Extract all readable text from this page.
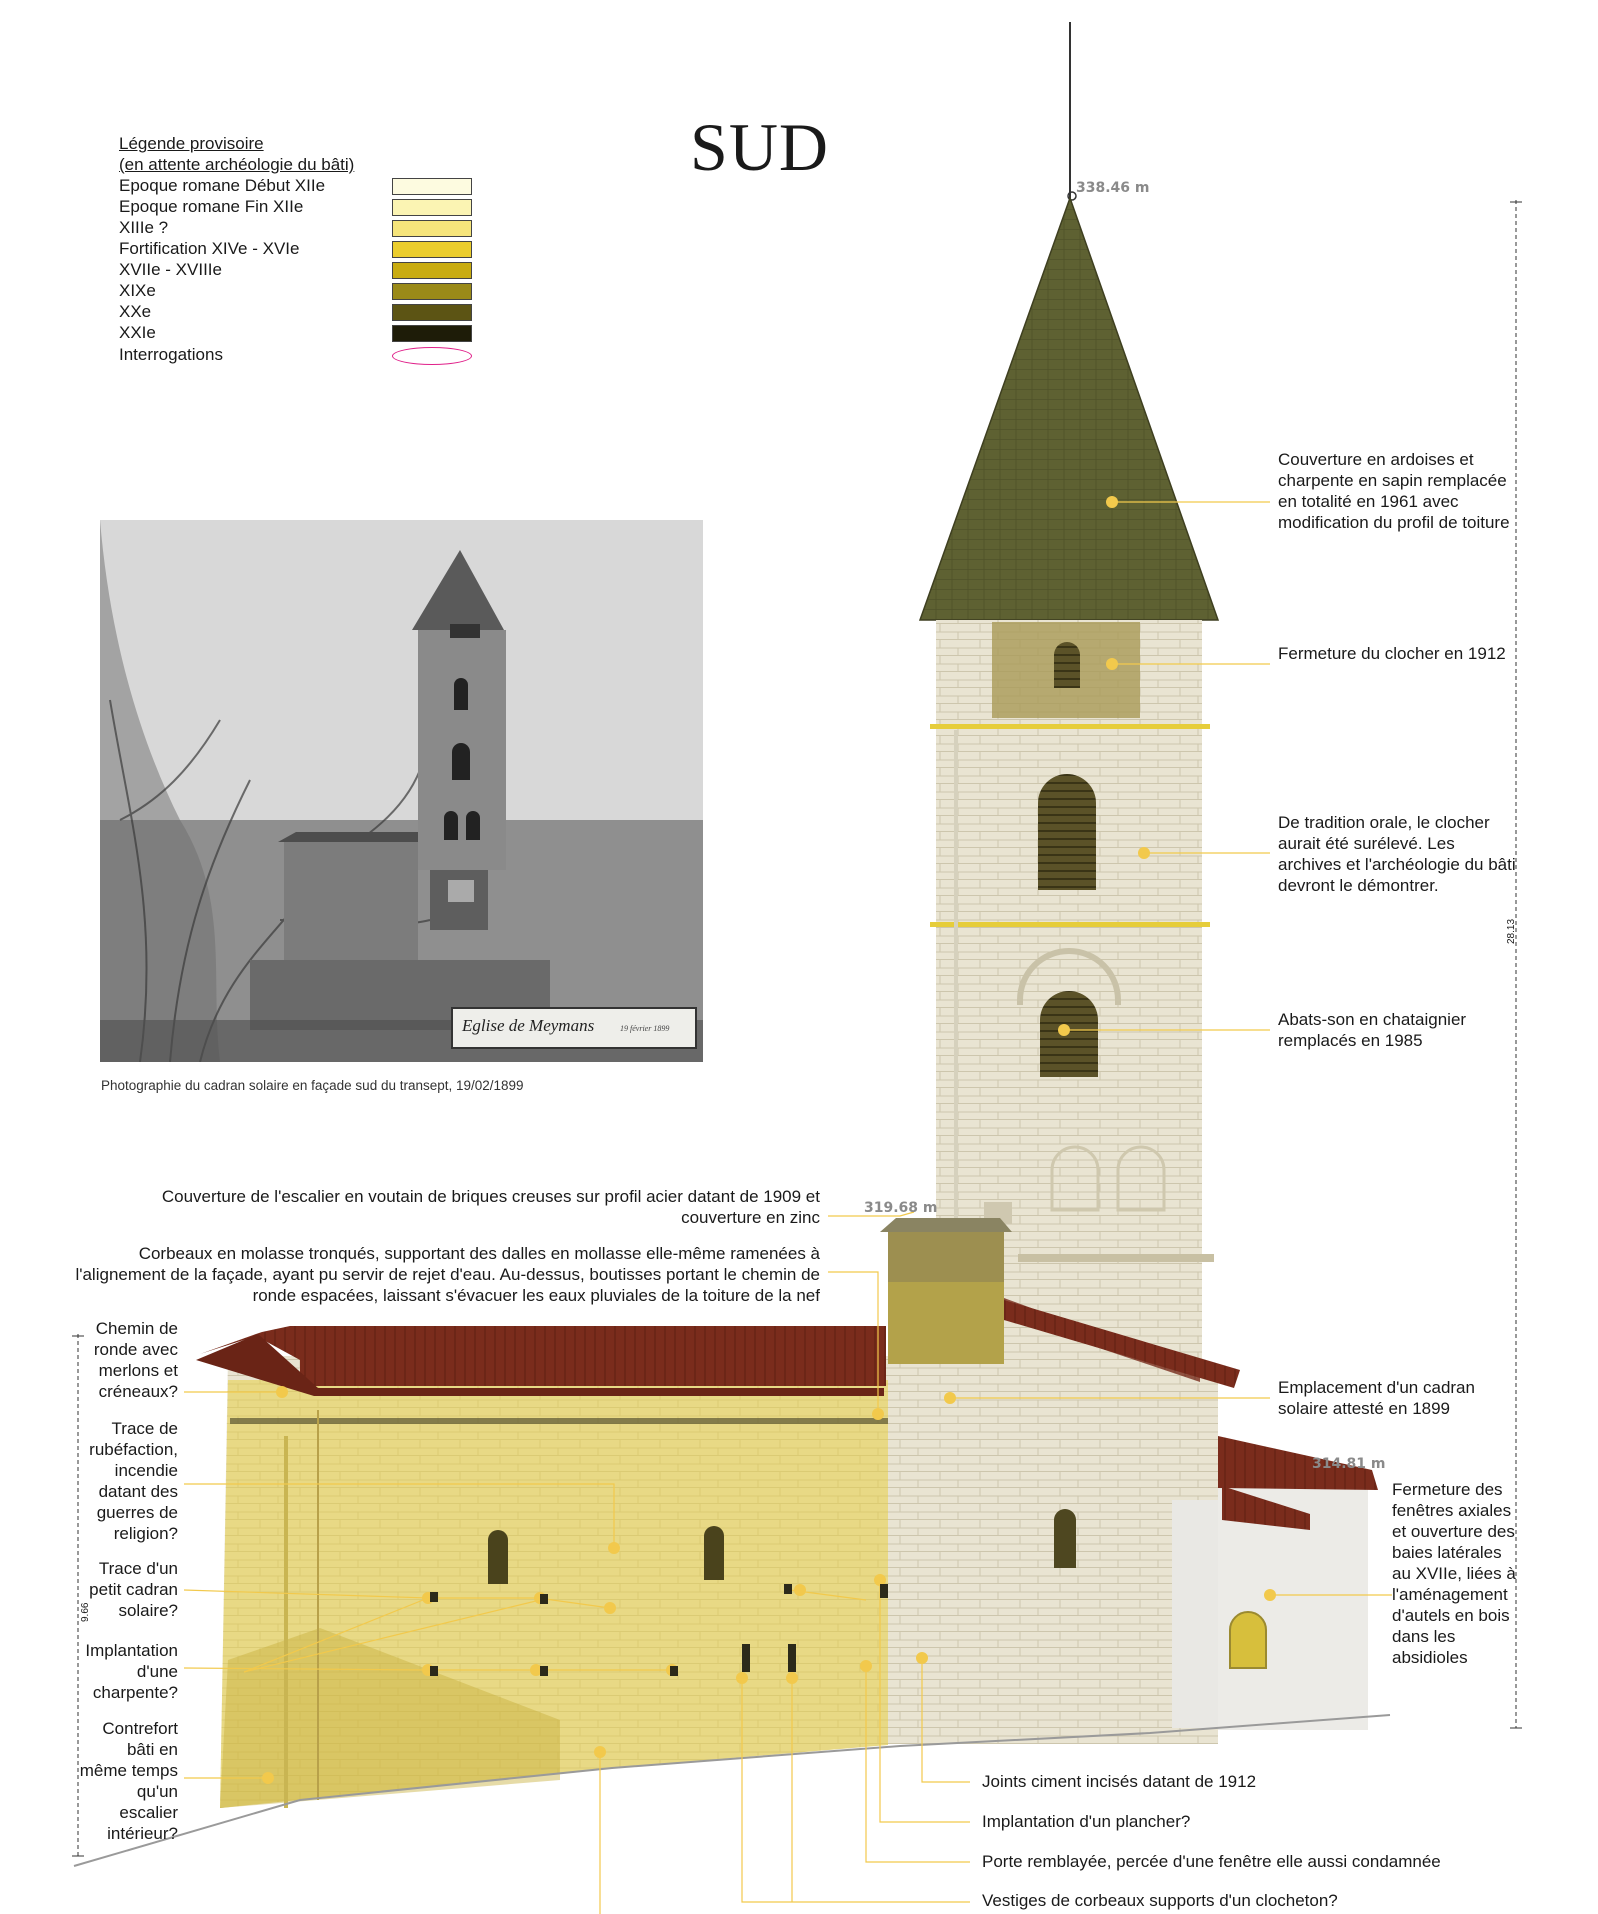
SUD
Légende provisoire
(en attente archéologie du bâti)
Epoque romane Début XIIe
Epoque romane Fin XIIe
XIIIe ?
Fortification XIVe - XVIe
XVIIe - XVIIIe
XIXe
XXe
XXIe
Interrogations
Eglise de Meymans	19 février 1899
Photographie du cadran solaire en façade sud du transept, 19/02/1899
338.46 m
319.68 m
314.81 m
28.13
9.66
Couverture en ardoises et charpente en sapin remplacée en totalité en 1961 avec modification du profil de toiture
Fermeture du clocher en 1912
De tradition orale, le clocher aurait été surélevé. Les archives et l'archéologie du bâti devront le démontrer.
Abats-son en chataignier remplacés en 1985
Emplacement d'un cadran solaire attesté en 1899
Fermeture des fenêtres axiales et ouverture des baies latérales au XVIIe, liées à l'aménagement d'autels en bois dans les absidioles
Couverture de l'escalier en voutain de briques creuses sur profil acier datant de 1909 et couverture en zinc
Corbeaux en molasse tronqués, supportant des dalles en mollasse elle-même ramenées à l'alignement de la façade, ayant pu servir de rejet d'eau. Au-dessus, boutisses portant le chemin de ronde espacées, laissant s'évacuer les eaux pluviales de la toiture de la nef
Chemin de ronde avec merlons et créneaux?
Trace de rubéfaction, incendie datant des guerres de religion?
Trace d'un petit cadran solaire?
Implantation d'une charpente?
Contrefort bâti en même temps qu'un escalier intérieur?
Joints ciment incisés datant de 1912
Implantation d'un plancher?
Porte remblayée, percée d'une fenêtre elle aussi condamnée
Vestiges de corbeaux supports d'un clocheton?
